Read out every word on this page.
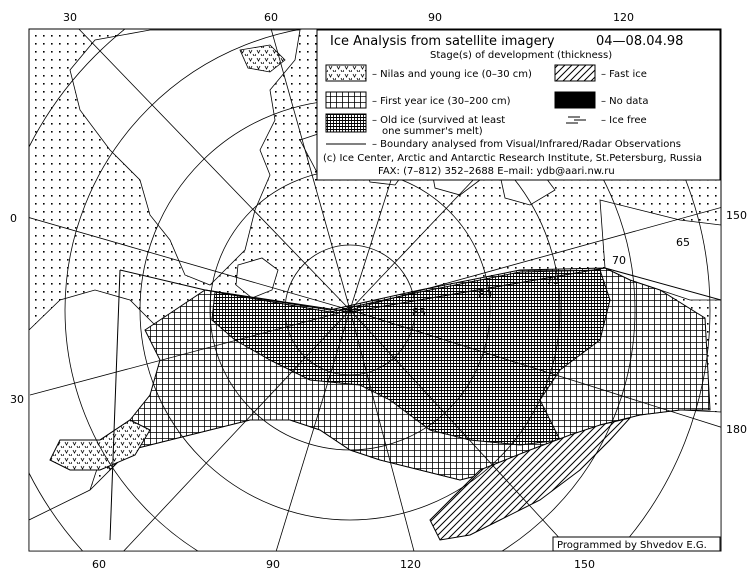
85
80
75
70
65
30	60	90	120
0
30
150
180
60	90	120	150
Ice Analysis from satellite imagery	04—08.04.98
Stage(s) of development (thickness)
– Nilas and young ice (0–30 cm)	– Fast ice
– First year ice (30–200 cm)	– No data
– Old ice (survived at least
one summer's melt)
– Ice free
– Boundary analysed from Visual/Infrared/Radar Observations
(c) Ice Center, Arctic and Antarctic Research Institute, St.Petersburg, Russia
FAX: (7–812) 352–2688 E–mail: ydb@aari.nw.ru
Programmed by Shvedov E.G.
